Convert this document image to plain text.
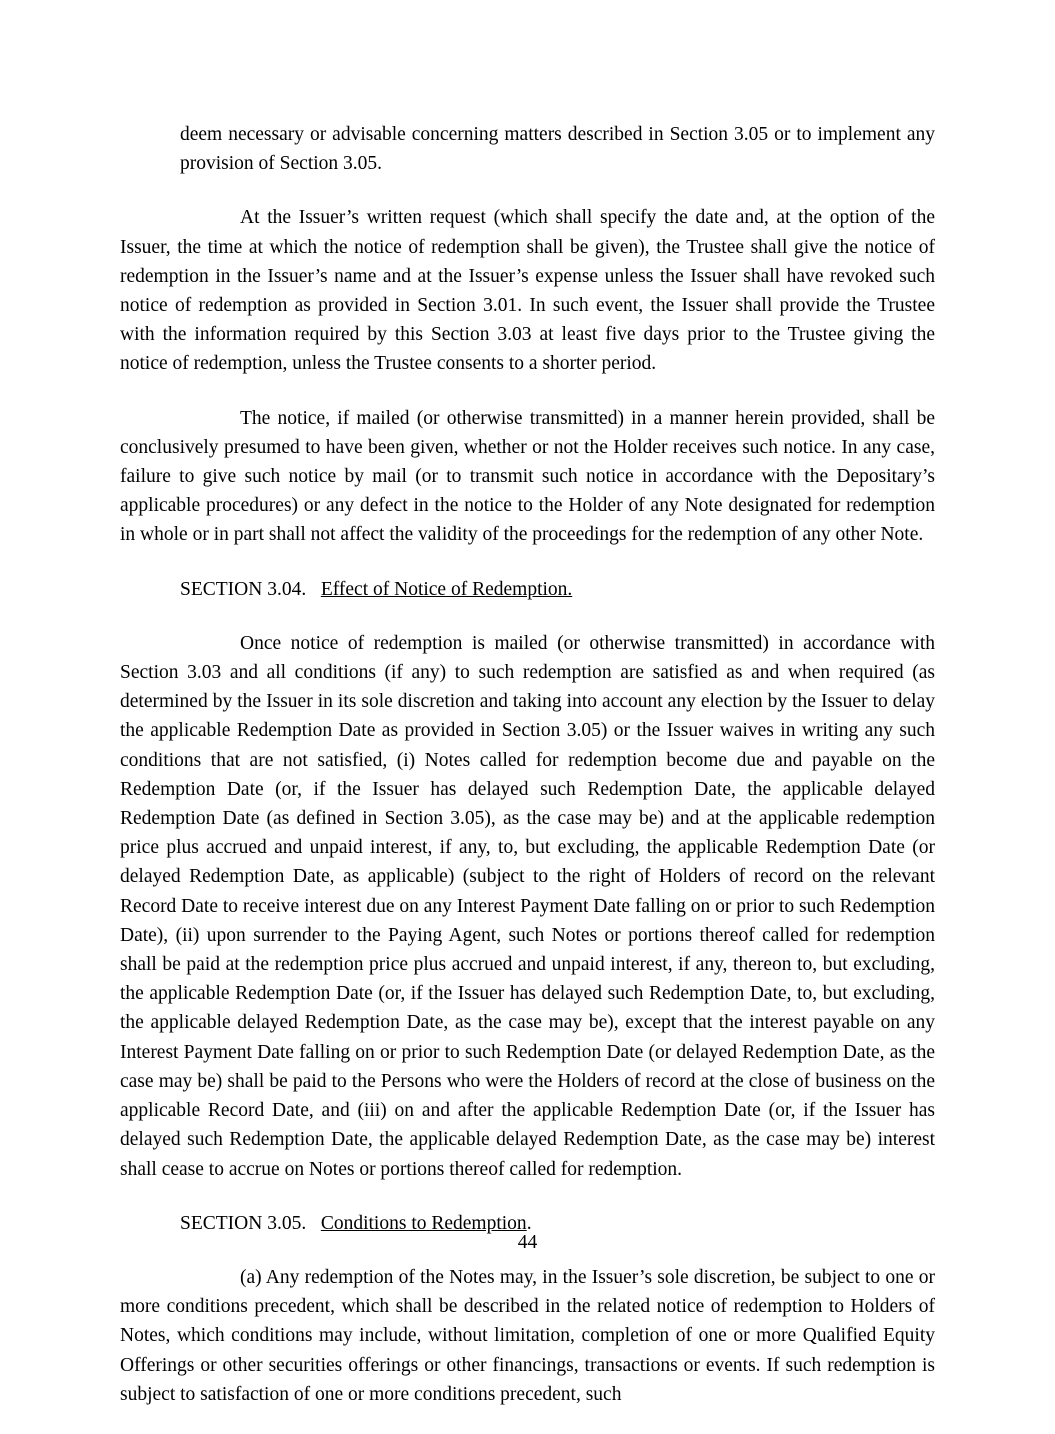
deem necessary or advisable concerning matters described in Section 3.05 or to implement any provision of Section 3.05.

At the Issuer’s written request (which shall specify the date and, at the option of the Issuer, the time at which the notice of redemption shall be given), the Trustee shall give the notice of redemption in the Issuer’s name and at the Issuer’s expense unless the Issuer shall have revoked such notice of redemption as provided in Section 3.01. In such event, the Issuer shall provide the Trustee with the information required by this Section 3.03 at least five days prior to the Trustee giving the notice of redemption, unless the Trustee consents to a shorter period.

The notice, if mailed (or otherwise transmitted) in a manner herein provided, shall be conclusively presumed to have been given, whether or not the Holder receives such notice. In any case, failure to give such notice by mail (or to transmit such notice in accordance with the Depositary’s applicable procedures) or any defect in the notice to the Holder of any Note designated for redemption in whole or in part shall not affect the validity of the proceedings for the redemption of any other Note.

SECTION 3.04. Effect of Notice of Redemption.

Once notice of redemption is mailed (or otherwise transmitted) in accordance with Section 3.03 and all conditions (if any) to such redemption are satisfied as and when required (as determined by the Issuer in its sole discretion and taking into account any election by the Issuer to delay the applicable Redemption Date as provided in Section 3.05) or the Issuer waives in writing any such conditions that are not satisfied, (i) Notes called for redemption become due and payable on the Redemption Date (or, if the Issuer has delayed such Redemption Date, the applicable delayed Redemption Date (as defined in Section 3.05), as the case may be) and at the applicable redemption price plus accrued and unpaid interest, if any, to, but excluding, the applicable Redemption Date (or delayed Redemption Date, as applicable) (subject to the right of Holders of record on the relevant Record Date to receive interest due on any Interest Payment Date falling on or prior to such Redemption Date), (ii) upon surrender to the Paying Agent, such Notes or portions thereof called for redemption shall be paid at the redemption price plus accrued and unpaid interest, if any, thereon to, but excluding, the applicable Redemption Date (or, if the Issuer has delayed such Redemption Date, to, but excluding, the applicable delayed Redemption Date, as the case may be), except that the interest payable on any Interest Payment Date falling on or prior to such Redemption Date (or delayed Redemption Date, as the case may be) shall be paid to the Persons who were the Holders of record at the close of business on the applicable Record Date, and (iii) on and after the applicable Redemption Date (or, if the Issuer has delayed such Redemption Date, the applicable delayed Redemption Date, as the case may be) interest shall cease to accrue on Notes or portions thereof called for redemption.

SECTION 3.05. Conditions to Redemption.

(a) Any redemption of the Notes may, in the Issuer’s sole discretion, be subject to one or more conditions precedent, which shall be described in the related notice of redemption to Holders of Notes, which conditions may include, without limitation, completion of one or more Qualified Equity Offerings or other securities offerings or other financings, transactions or events. If such redemption is subject to satisfaction of one or more conditions precedent, such

44
